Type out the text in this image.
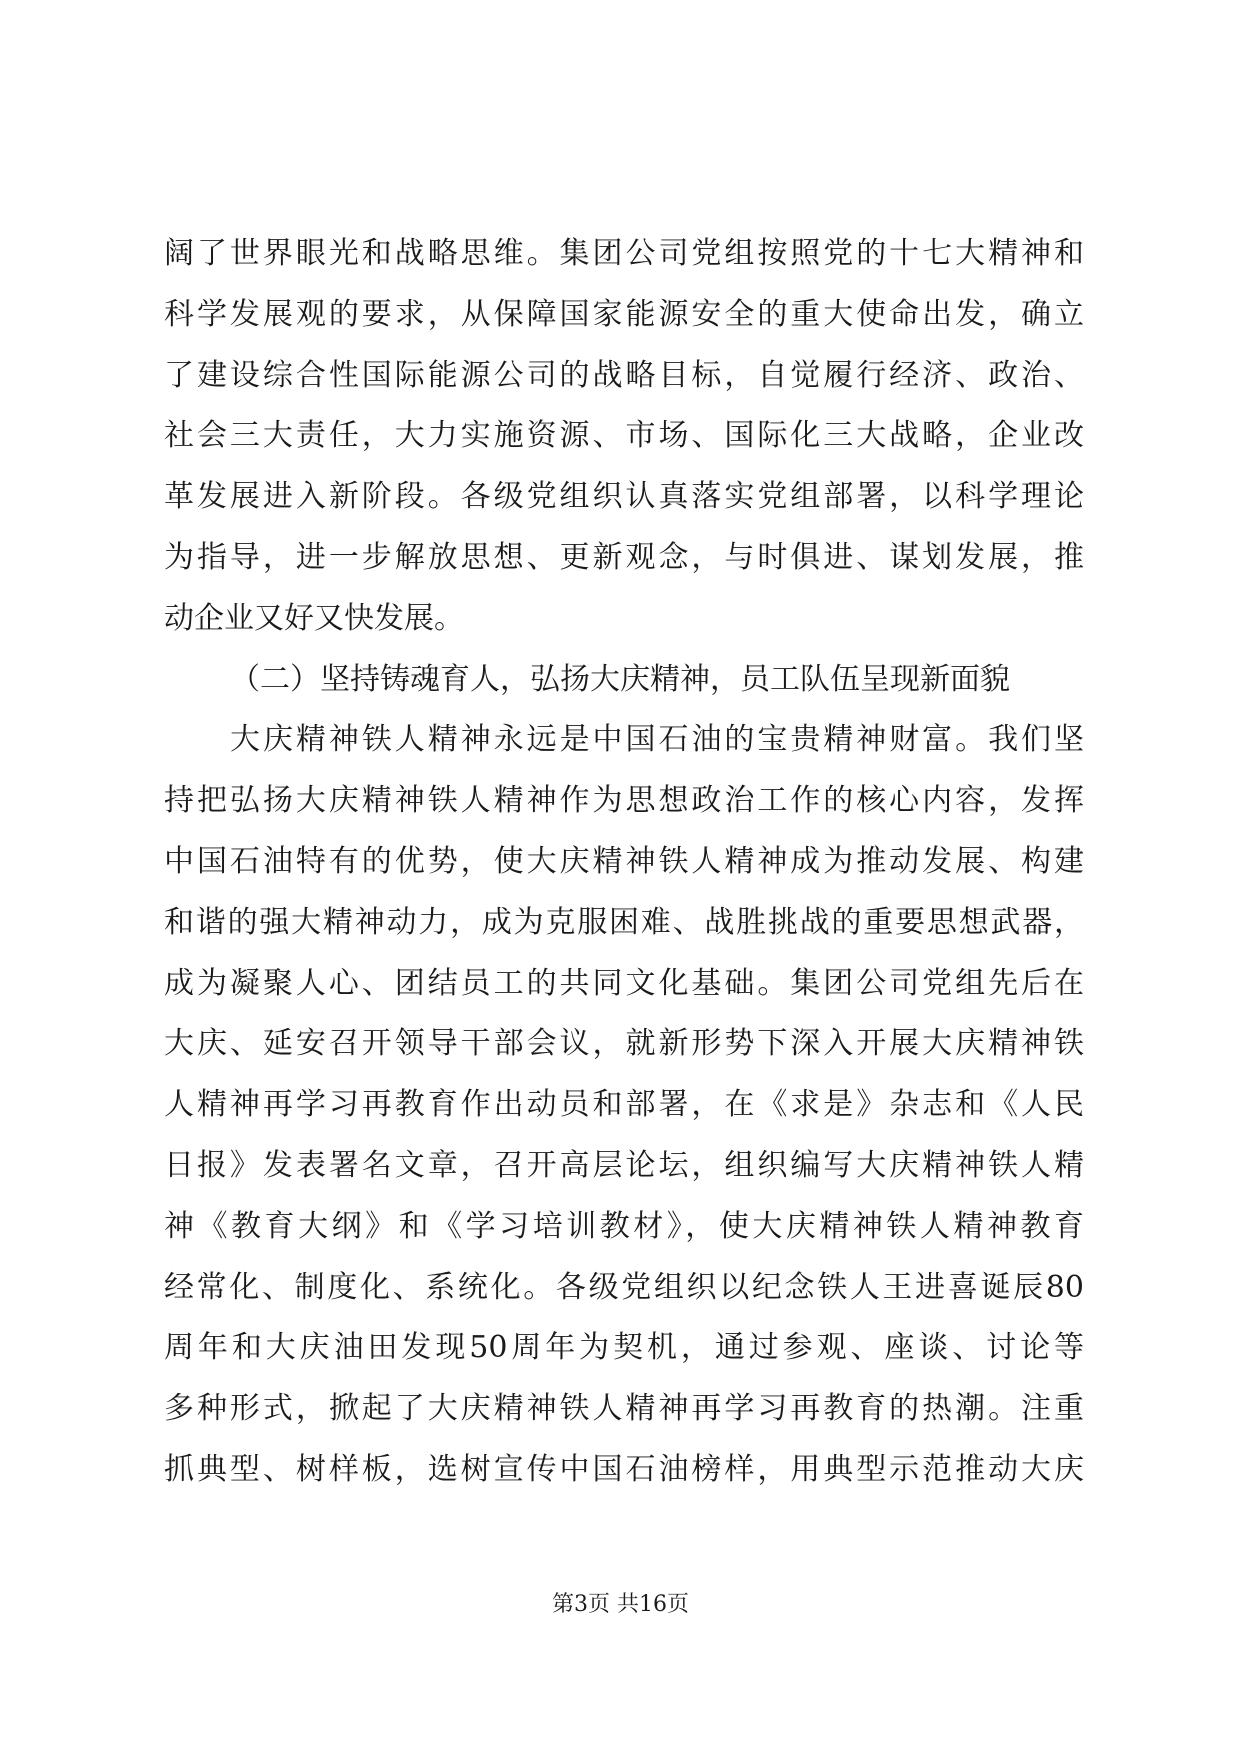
阔了世界眼光和战略思维。集团公司党组按照党的十七大精神和
科学发展观的要求，从保障国家能源安全的重大使命出发，确立
了建设综合性国际能源公司的战略目标，自觉履行经济、政治、
社会三大责任，大力实施资源、市场、国际化三大战略，企业改
革发展进入新阶段。各级党组织认真落实党组部署，以科学理论
为指导，进一步解放思想、更新观念，与时俱进、谋划发展，推
动企业又好又快发展。
（二）坚持铸魂育人，弘扬大庆精神，员工队伍呈现新面貌
大庆精神铁人精神永远是中国石油的宝贵精神财富。我们坚
持把弘扬大庆精神铁人精神作为思想政治工作的核心内容，发挥
中国石油特有的优势，使大庆精神铁人精神成为推动发展、构建
和谐的强大精神动力，成为克服困难、战胜挑战的重要思想武器，
成为凝聚人心、团结员工的共同文化基础。集团公司党组先后在
大庆、延安召开领导干部会议，就新形势下深入开展大庆精神铁
人精神再学习再教育作出动员和部署，在《求是》杂志和《人民
日报》发表署名文章，召开高层论坛，组织编写大庆精神铁人精
神《教育大纲》和《学习培训教材》，使大庆精神铁人精神教育
经常化、制度化、系统化。各级党组织以纪念铁人王进喜诞辰80
周年和大庆油田发现50周年为契机，通过参观、座谈、讨论等
多种形式，掀起了大庆精神铁人精神再学习再教育的热潮。注重
抓典型、树样板，选树宣传中国石油榜样，用典型示范推动大庆
第3页 共16页
